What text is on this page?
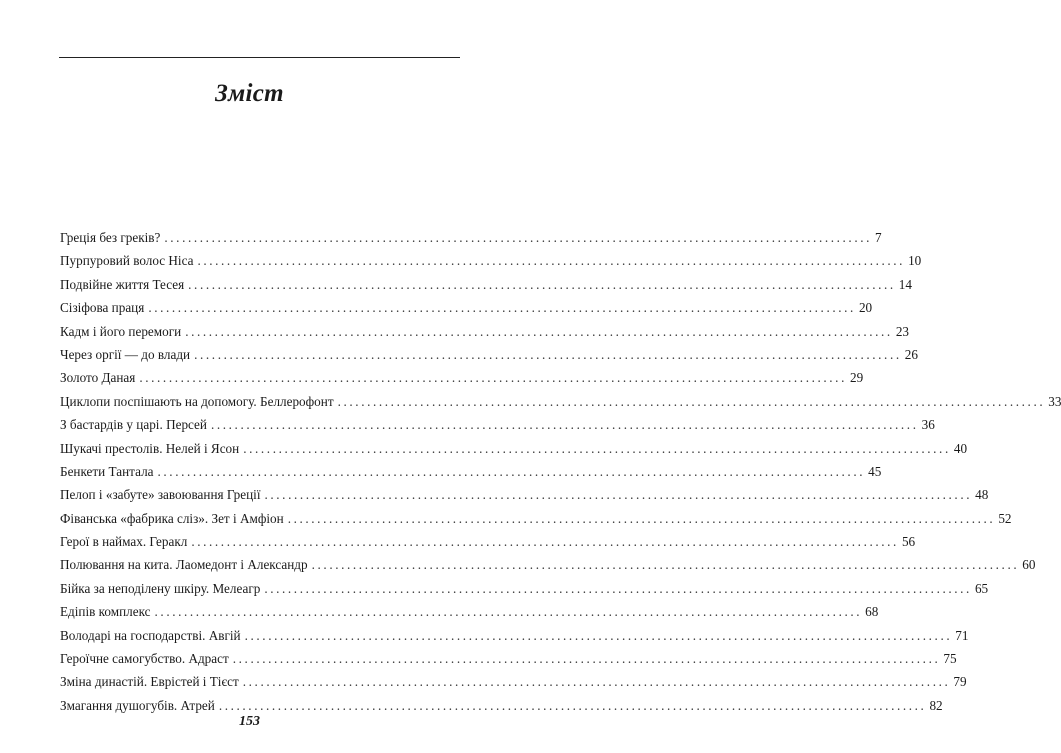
Зміст
Греція без греків? ........................................................................................................................ 7
Пурпуровий волос Ніса ........................................................................................................................ 10
Подвійне життя Тесея ........................................................................................................................ 14
Сізіфова праця ........................................................................................................................ 20
Кадм і його перемоги ........................................................................................................................ 23
Через оргії — до влади ........................................................................................................................ 26
Золото Даная ........................................................................................................................ 29
Циклопи поспішають на допомогу. Беллерофонт ........................................................................................................................ 33
З бастардів у царі. Персей ........................................................................................................................ 36
Шукачі престолів. Нелей і Ясон ........................................................................................................................ 40
Бенкети Тантала ........................................................................................................................ 45
Пелоп і «забуте» завоювання Греції ........................................................................................................................ 48
Фіванська «фабрика сліз». Зет і Амфіон ........................................................................................................................ 52
Герої в наймах. Геракл ........................................................................................................................ 56
Полювання на кита. Лаомедонт і Александр ........................................................................................................................ 60
Бійка за неподілену шкіру. Мелеагр ........................................................................................................................ 65
Едіпів комплекс ........................................................................................................................ 68
Володарі на господарстві. Авгій ........................................................................................................................ 71
Героїчне самогубство. Адраст ........................................................................................................................ 75
Зміна династій. Еврістей і Тієст ........................................................................................................................ 79
Змагання душогубів. Атрей ........................................................................................................................ 82
153
